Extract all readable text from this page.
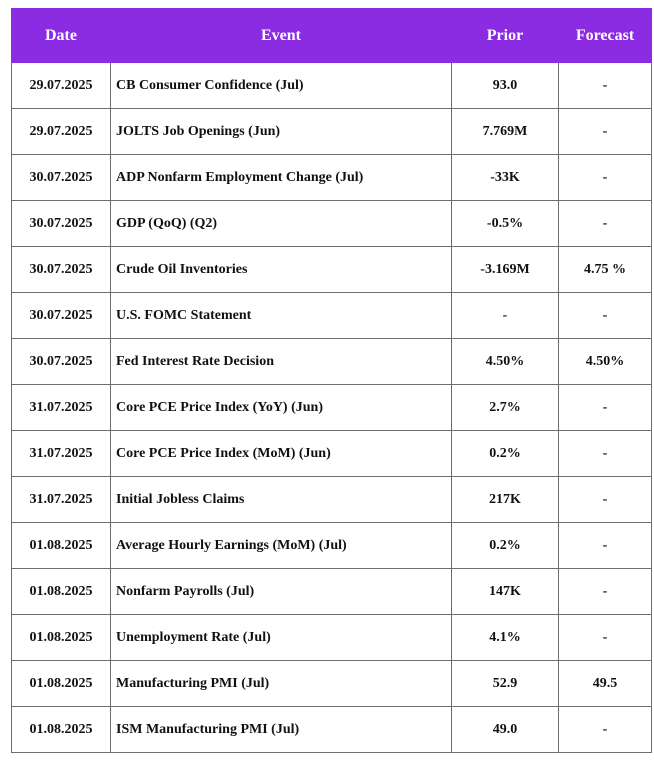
Date	Event	Prior	Forecast
29.07.2025	CB Consumer Confidence (Jul)	93.0	-
29.07.2025	JOLTS Job Openings (Jun)	7.769M	-
30.07.2025	ADP Nonfarm Employment Change (Jul)	-33K	-
30.07.2025	GDP (QoQ) (Q2)	-0.5%	-
30.07.2025	Crude Oil Inventories	-3.169M	4.75 %
30.07.2025	U.S. FOMC Statement	-	-
30.07.2025	Fed Interest Rate Decision	4.50%	4.50%
31.07.2025	Core PCE Price Index (YoY) (Jun)	2.7%	-
31.07.2025	Core PCE Price Index (MoM) (Jun)	0.2%	-
31.07.2025	Initial Jobless Claims	217K	-
01.08.2025	Average Hourly Earnings (MoM) (Jul)	0.2%	-
01.08.2025	Nonfarm Payrolls (Jul)	147K	-
01.08.2025	Unemployment Rate (Jul)	4.1%	-
01.08.2025	Manufacturing PMI (Jul)	52.9	49.5
01.08.2025	ISM Manufacturing PMI (Jul)	49.0	-
